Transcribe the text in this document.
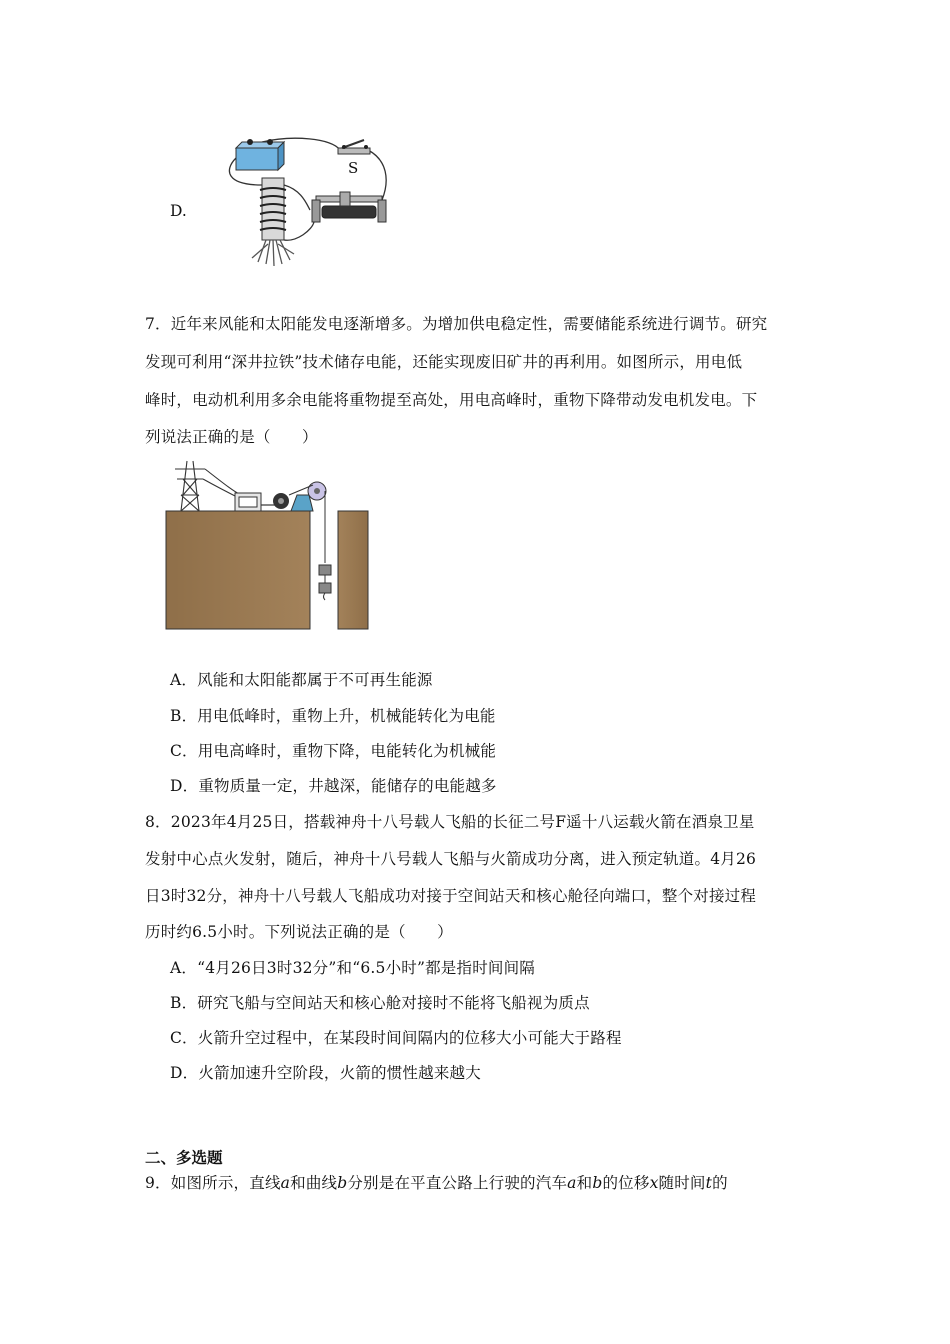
D.
S
7．近年来风能和太阳能发电逐渐增多。为增加供电稳定性，需要储能系统进行调节。研究
发现可利用“深井拉铁”技术储存电能，还能实现废旧矿井的再利用。如图所示，用电低
峰时，电动机利用多余电能将重物提至高处，用电高峰时，重物下降带动发电机发电。下
列说法正确的是（　　）
A．风能和太阳能都属于不可再生能源
B．用电低峰时，重物上升，机械能转化为电能
C．用电高峰时，重物下降，电能转化为机械能
D．重物质量一定，井越深，能储存的电能越多
8．2023年4月25日，搭载神舟十八号载人飞船的长征二号F遥十八运载火箭在酒泉卫星
发射中心点火发射，随后，神舟十八号载人飞船与火箭成功分离，进入预定轨道。4月26
日3时32分，神舟十八号载人飞船成功对接于空间站天和核心舱径向端口，整个对接过程
历时约6.5小时。下列说法正确的是（　　）
A．“4月26日3时32分”和“6.5小时”都是指时间间隔
B．研究飞船与空间站天和核心舱对接时不能将飞船视为质点
C．火箭升空过程中，在某段时间间隔内的位移大小可能大于路程
D．火箭加速升空阶段，火箭的惯性越来越大
二、多选题
9．如图所示，直线a和曲线b分别是在平直公路上行驶的汽车a和b的位移x随时间t的
